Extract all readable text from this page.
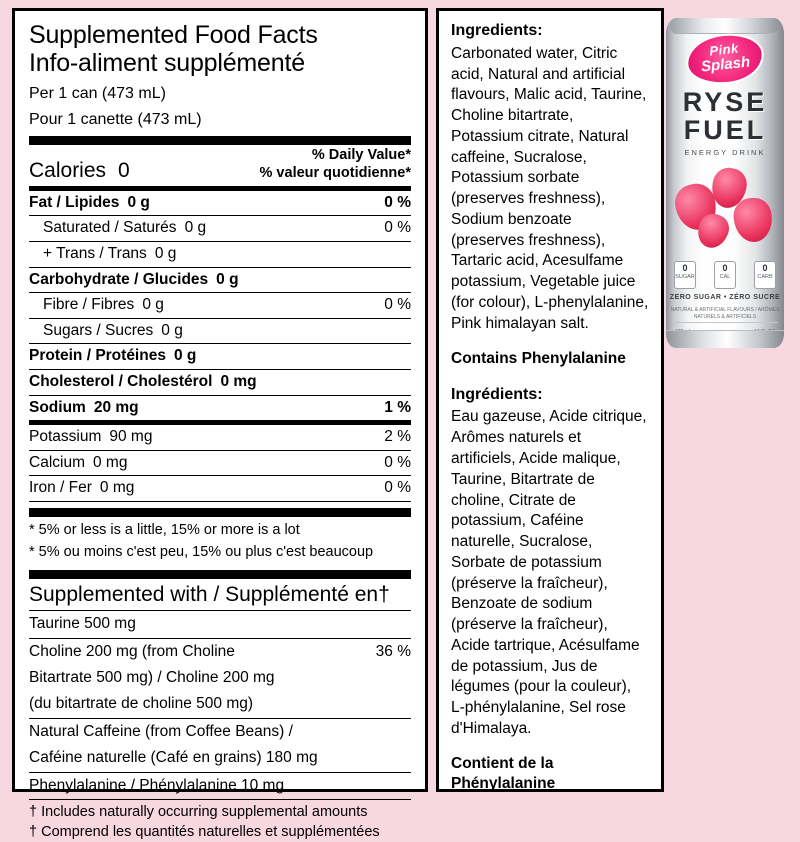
Supplemented Food Facts
Info-aliment supplémenté
Per 1 can (473 mL)
Pour 1 canette (473 mL)
Calories 0
% Daily Value*
% valeur quotidienne*
Fat / Lipides 0 g	0 %
Saturated / Saturés 0 g	0 %
+ Trans / Trans 0 g
Carbohydrate / Glucides 0 g
Fibre / Fibres 0 g	0 %
Sugars / Sucres 0 g
Protein / Protéines 0 g
Cholesterol / Cholestérol 0 mg
Sodium 20 mg	1 %
Potassium 90 mg	2 %
Calcium 0 mg	0 %
Iron / Fer 0 mg	0 %
* 5% or less is a little, 15% or more is a lot
* 5% ou moins c'est peu, 15% ou plus c'est beaucoup
Supplemented with / Supplémenté en†
Taurine 500 mg
Choline 200 mg (from Choline	36 %
Bitartrate 500 mg) / Choline 200 mg
(du bitartrate de choline 500 mg)
Natural Caffeine (from Coffee Beans) /
Caféine naturelle (Café en grains) 180 mg
Phenylalanine / Phénylalanine 10 mg
† Includes naturally occurring supplemental amounts
† Comprend les quantités naturelles et supplémentées
Ingredients:
Carbonated water, Citric acid, Natural and artificial flavours, Malic acid, Taurine, Choline bitartrate, Potassium citrate, Natural caffeine, Sucralose, Potassium sorbate (preserves freshness), Sodium benzoate (preserves freshness), Tartaric acid, Acesulfame potassium, Vegetable juice (for colour), L-phenylalanine, Pink himalayan salt.
Contains Phenylalanine
Ingrédients:
Eau gazeuse, Acide citrique, Arômes naturels et artificiels, Acide malique, Taurine, Bitartrate de choline, Citrate de potassium, Caféine naturelle, Sucralose, Sorbate de potassium (préserve la fraîcheur), Benzoate de sodium (préserve la fraîcheur), Acide tartrique, Acésulfame de potassium, Jus de légumes (pour la couleur), L-phénylalanine, Sel rose d'Himalaya.
Contient de la Phénylalanine
Pink
Splash
RYSE
FUEL
ENERGY DRINK
0
SUGAR
0
CAL
0
CARB
ZERO SUGAR • ZÉRO SUCRE
NATURAL & ARTIFICIAL FLAVOURS / ARÔMES NATURELS & ARTIFICIELS
